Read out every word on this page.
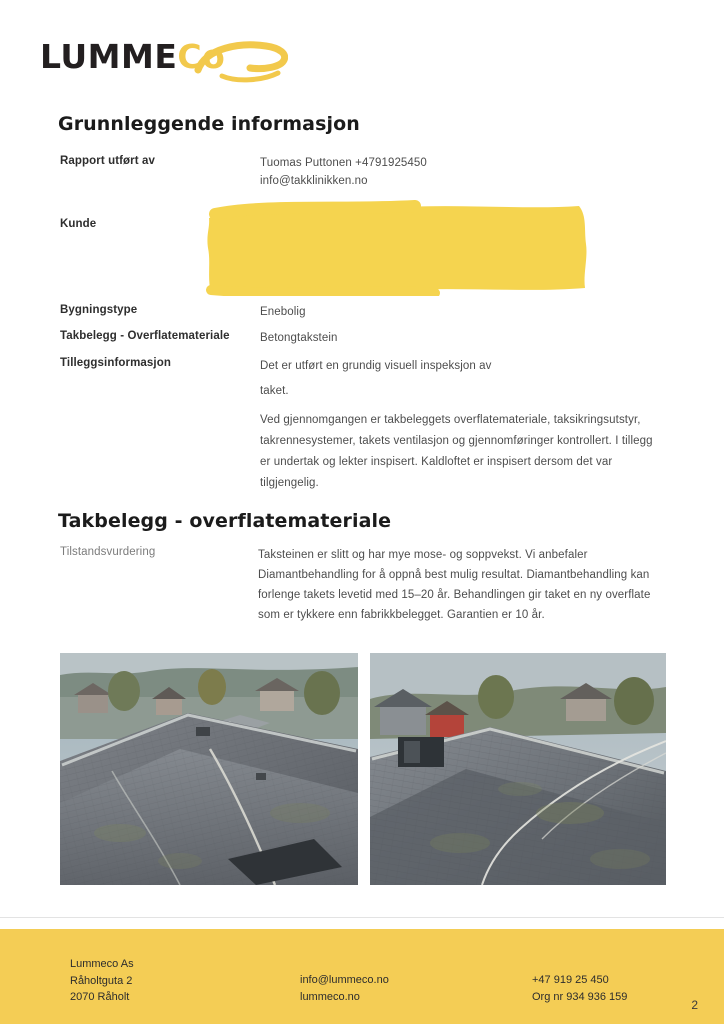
LUMMECo
Grunnleggende informasjon
Rapport utført av	Tuomas Puttonen +4791925450
info@takklinikken.no
Kunde
Bygningstype	Enebolig
Takbelegg - Overflatemateriale	Betongtakstein
Tilleggsinformasjon	Det er utført en grundig visuell inspeksjon av
taket.
Ved gjennomgangen er takbeleggets overflatemateriale, taksikringsutstyr, takrennesystemer, takets ventilasjon og gjennomføringer kontrollert. I tillegg er undertak og lekter inspisert. Kaldloftet er inspisert dersom det var tilgjengelig.
Takbelegg - overflatemateriale
Tilstandsvurdering	Taksteinen er slitt og har mye mose- og soppvekst. Vi anbefaler Diamantbehandling for å oppnå best mulig resultat. Diamantbehandling kan forlenge takets levetid med 15–20 år. Behandlingen gir taket en ny overflate som er tykkere enn fabrikkbelegget. Garantien er 10 år.
Lummeco As
Råholtguta 2
2070 Råholt
info@lummeco.no
lummeco.no
+47 919 25 450
Org nr 934 936 159
2
